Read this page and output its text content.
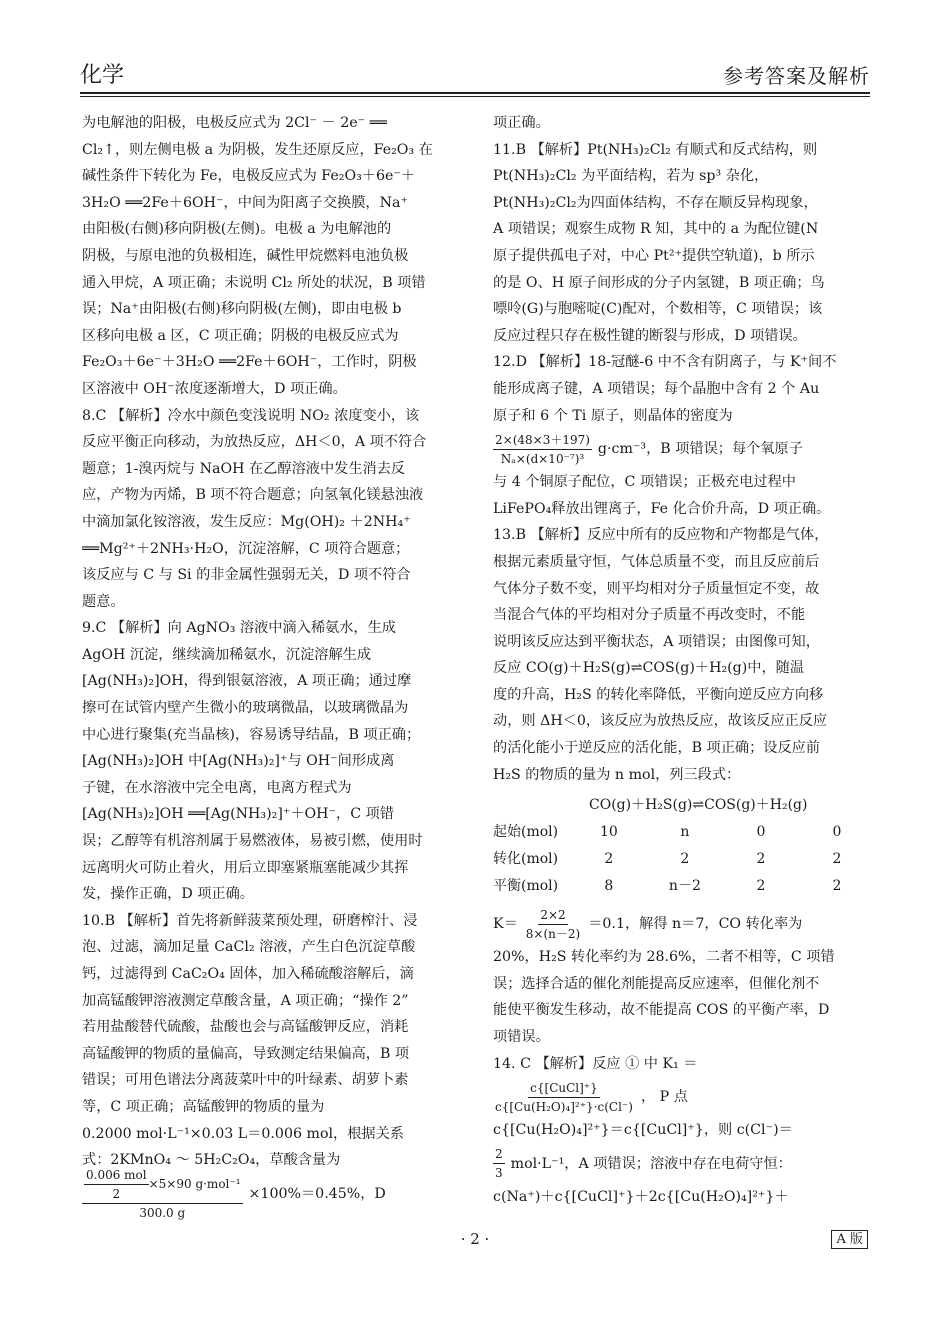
化学	参考答案及解析
为电解池的阳极，电极反应式为 2Cl⁻ － 2e⁻ ══
Cl₂↑，则左侧电极 a 为阴极，发生还原反应，Fe₂O₃ 在
碱性条件下转化为 Fe，电极反应式为 Fe₂O₃＋6e⁻＋
3H₂O ══2Fe＋6OH⁻，中间为阳离子交换膜，Na⁺
由阳极(右侧)移向阴极(左侧)。电极 a 为电解池的
阴极，与原电池的负极相连，碱性甲烷燃料电池负极
通入甲烷，A 项正确；未说明 Cl₂ 所处的状况，B 项错
误；Na⁺由阳极(右侧)移向阴极(左侧)，即由电极 b
区移向电极 a 区，C 项正确；阴极的电极反应式为
Fe₂O₃＋6e⁻＋3H₂O ══2Fe＋6OH⁻，工作时，阴极
区溶液中 OH⁻浓度逐渐增大，D 项正确。
8.C 【解析】冷水中颜色变浅说明 NO₂ 浓度变小，该
反应平衡正向移动，为放热反应，ΔH＜0，A 项不符合
题意；1-溴丙烷与 NaOH 在乙醇溶液中发生消去反
应，产物为丙烯，B 项不符合题意；向氢氧化镁悬浊液
中滴加氯化铵溶液，发生反应：Mg(OH)₂ ＋2NH₄⁺
══Mg²⁺＋2NH₃·H₂O，沉淀溶解，C 项符合题意；
该反应与 C 与 Si 的非金属性强弱无关，D 项不符合
题意。
9.C 【解析】向 AgNO₃ 溶液中滴入稀氨水，生成
AgOH 沉淀，继续滴加稀氨水，沉淀溶解生成
[Ag(NH₃)₂]OH，得到银氨溶液，A 项正确；通过摩
擦可在试管内壁产生微小的玻璃微晶，以玻璃微晶为
中心进行聚集(充当晶核)，容易诱导结晶，B 项正确；
[Ag(NH₃)₂]OH 中[Ag(NH₃)₂]⁺与 OH⁻间形成离
子键，在水溶液中完全电离，电离方程式为
[Ag(NH₃)₂]OH ══[Ag(NH₃)₂]⁺＋OH⁻，C 项错
误；乙醇等有机溶剂属于易燃液体，易被引燃，使用时
远离明火可防止着火，用后立即塞紧瓶塞能减少其挥
发，操作正确，D 项正确。
10.B 【解析】首先将新鲜菠菜预处理，研磨榨汁、浸
泡、过滤，滴加足量 CaCl₂ 溶液，产生白色沉淀草酸
钙，过滤得到 CaC₂O₄ 固体，加入稀硫酸溶解后，滴
加高锰酸钾溶液测定草酸含量，A 项正确；“操作 2”
若用盐酸替代硫酸，盐酸也会与高锰酸钾反应，消耗
高锰酸钾的物质的量偏高，导致测定结果偏高，B 项
错误；可用色谱法分离菠菜叶中的叶绿素、胡萝卜素
等，C 项正确；高锰酸钾的物质的量为
0.2000 mol·L⁻¹×0.03 L＝0.006 mol，根据关系
式：2KMnO₄ ～ 5H₂C₂O₄，草酸含量为
$\frac{\frac{\text{0.006 mol}}{2} \times 5\times 90 g\cdot mol^{-1}}{300.0 g} \times 100\%=0.45\%$，D
项正确。
11.B 【解析】Pt(NH₃)₂Cl₂ 有顺式和反式结构，则
Pt(NH₃)₂Cl₂ 为平面结构，若为 sp³ 杂化，
Pt(NH₃)₂Cl₂为四面体结构，不存在顺反异构现象，
A 项错误；观察生成物 R 知，其中的 a 为配位键(N
原子提供孤电子对，中心 Pt²⁺提供空轨道)，b 所示
的是 O、H 原子间形成的分子内氢键，B 项正确；鸟
嘌呤(G)与胞嘧啶(C)配对，个数相等，C 项错误；该
反应过程只存在极性键的断裂与形成，D 项错误。
12.D 【解析】18-冠醚-6 中不含有阴离子，与 K⁺间不
能形成离子键，A 项错误；每个晶胞中含有 2 个 Au
原子和 6 个 Ti 原子，则晶体的密度为
$\frac{2\times(48\times 3+197)}{\text{Nₐ×(d×10⁻⁷)³}} g\cdot cm^{-3}$，B 项错误；每个氧原子
与 4 个铜原子配位，C 项错误；正极充电过程中
LiFePO₄释放出锂离子，Fe 化合价升高，D 项正确。
13.B 【解析】反应中所有的反应物和产物都是气体，
根据元素质量守恒，气体总质量不变，而且反应前后
气体分子数不变，则平均相对分子质量恒定不变，故
当混合气体的平均相对分子质量不再改变时，不能
说明该反应达到平衡状态，A 项错误；由图像可知，
反应 CO(g)＋H₂S(g)⇌COS(g)＋H₂(g)中，随温
度的升高，H₂S 的转化率降低，平衡向逆反应方向移
动，则 ΔH＜0，该反应为放热反应，故该反应正反应
的活化能小于逆反应的活化能，B 项正确；设反应前
H₂S 的物质的量为 n mol，列三段式：
CO(g)＋H₂S(g)⇌COS(g)＋H₂(g)
起始(mol)	10	n	0	0
转化(mol)	2	2	2	2
平衡(mol)	8	n－2	2	2
$K= \frac{2\times 2}{8\times(n-2)} =0.1$，解得 n＝7，CO 转化率为
20%，H₂S 转化率约为 28.6%，二者不相等，C 项错
误；选择合适的催化剂能提高反应速率，但催化剂不
能使平衡发生移动，故不能提高 COS 的平衡产率，D
项错误。
14. C 【解析】反应 ① 中 K₁ ＝
$\frac{\text{c\{[CuCl]⁺\}}}{\text{c\{[Cu(H₂O)₄]²⁺\}·c(Cl⁻)}}$ ， P 点
c{[Cu(H₂O)₄]²⁺}＝c{[CuCl]⁺}，则 c(Cl⁻)＝
$\frac{2}{3} mol\cdot L^{-1}$，A 项错误；溶液中存在电荷守恒：
c(Na⁺)＋c{[CuCl]⁺}＋2c{[Cu(H₂O)₄]²⁺}＋
· 2 ·	A 版
